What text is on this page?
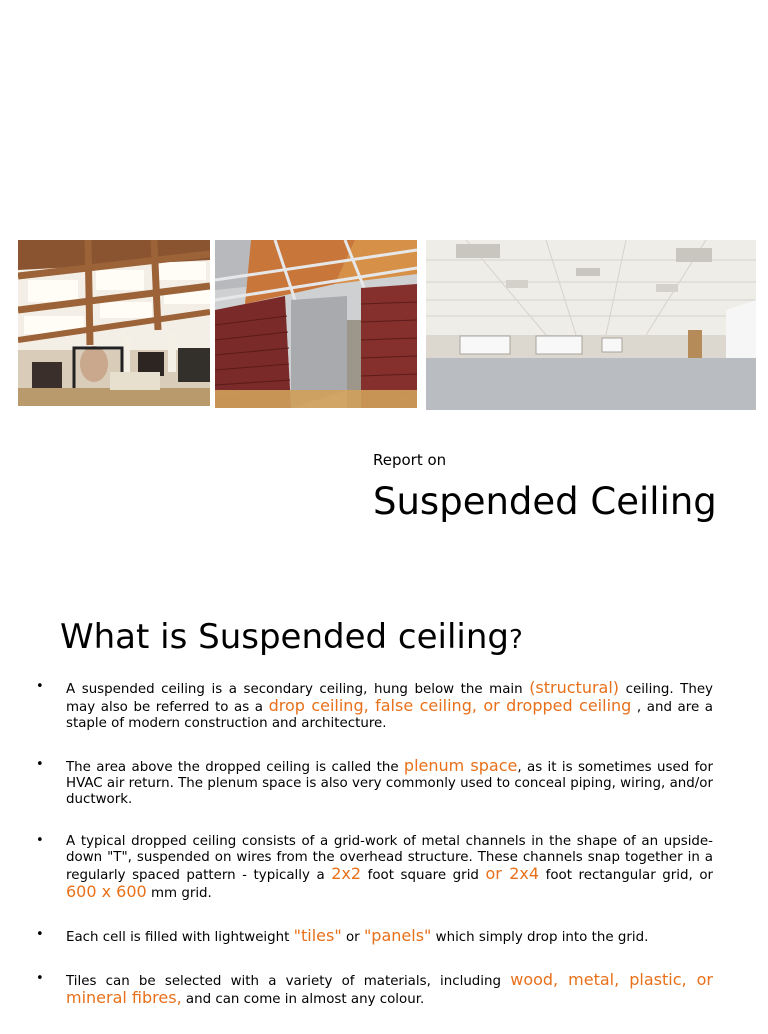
Report on
Suspended Ceiling
What is Suspended ceiling?
• A suspended ceiling is a secondary ceiling, hung below the main (structural) ceiling. They may also be referred to as a drop ceiling, false ceiling, or dropped ceiling , and are a staple of modern construction and architecture.
• The area above the dropped ceiling is called the plenum space, as it is sometimes used for HVAC air return. The plenum space is also very commonly used to conceal piping, wiring, and/or ductwork.
• A typical dropped ceiling consists of a grid-work of metal channels in the shape of an upside-down "T", suspended on wires from the overhead structure. These channels snap together in a regularly spaced pattern - typically a 2x2 foot square grid or 2x4 foot rectangular grid, or 600 x 600 mm grid.
• Each cell is filled with lightweight "tiles" or "panels" which simply drop into the grid.
• Tiles can be selected with a variety of materials, including wood, metal, plastic, or mineral fibres, and can come in almost any colour.
